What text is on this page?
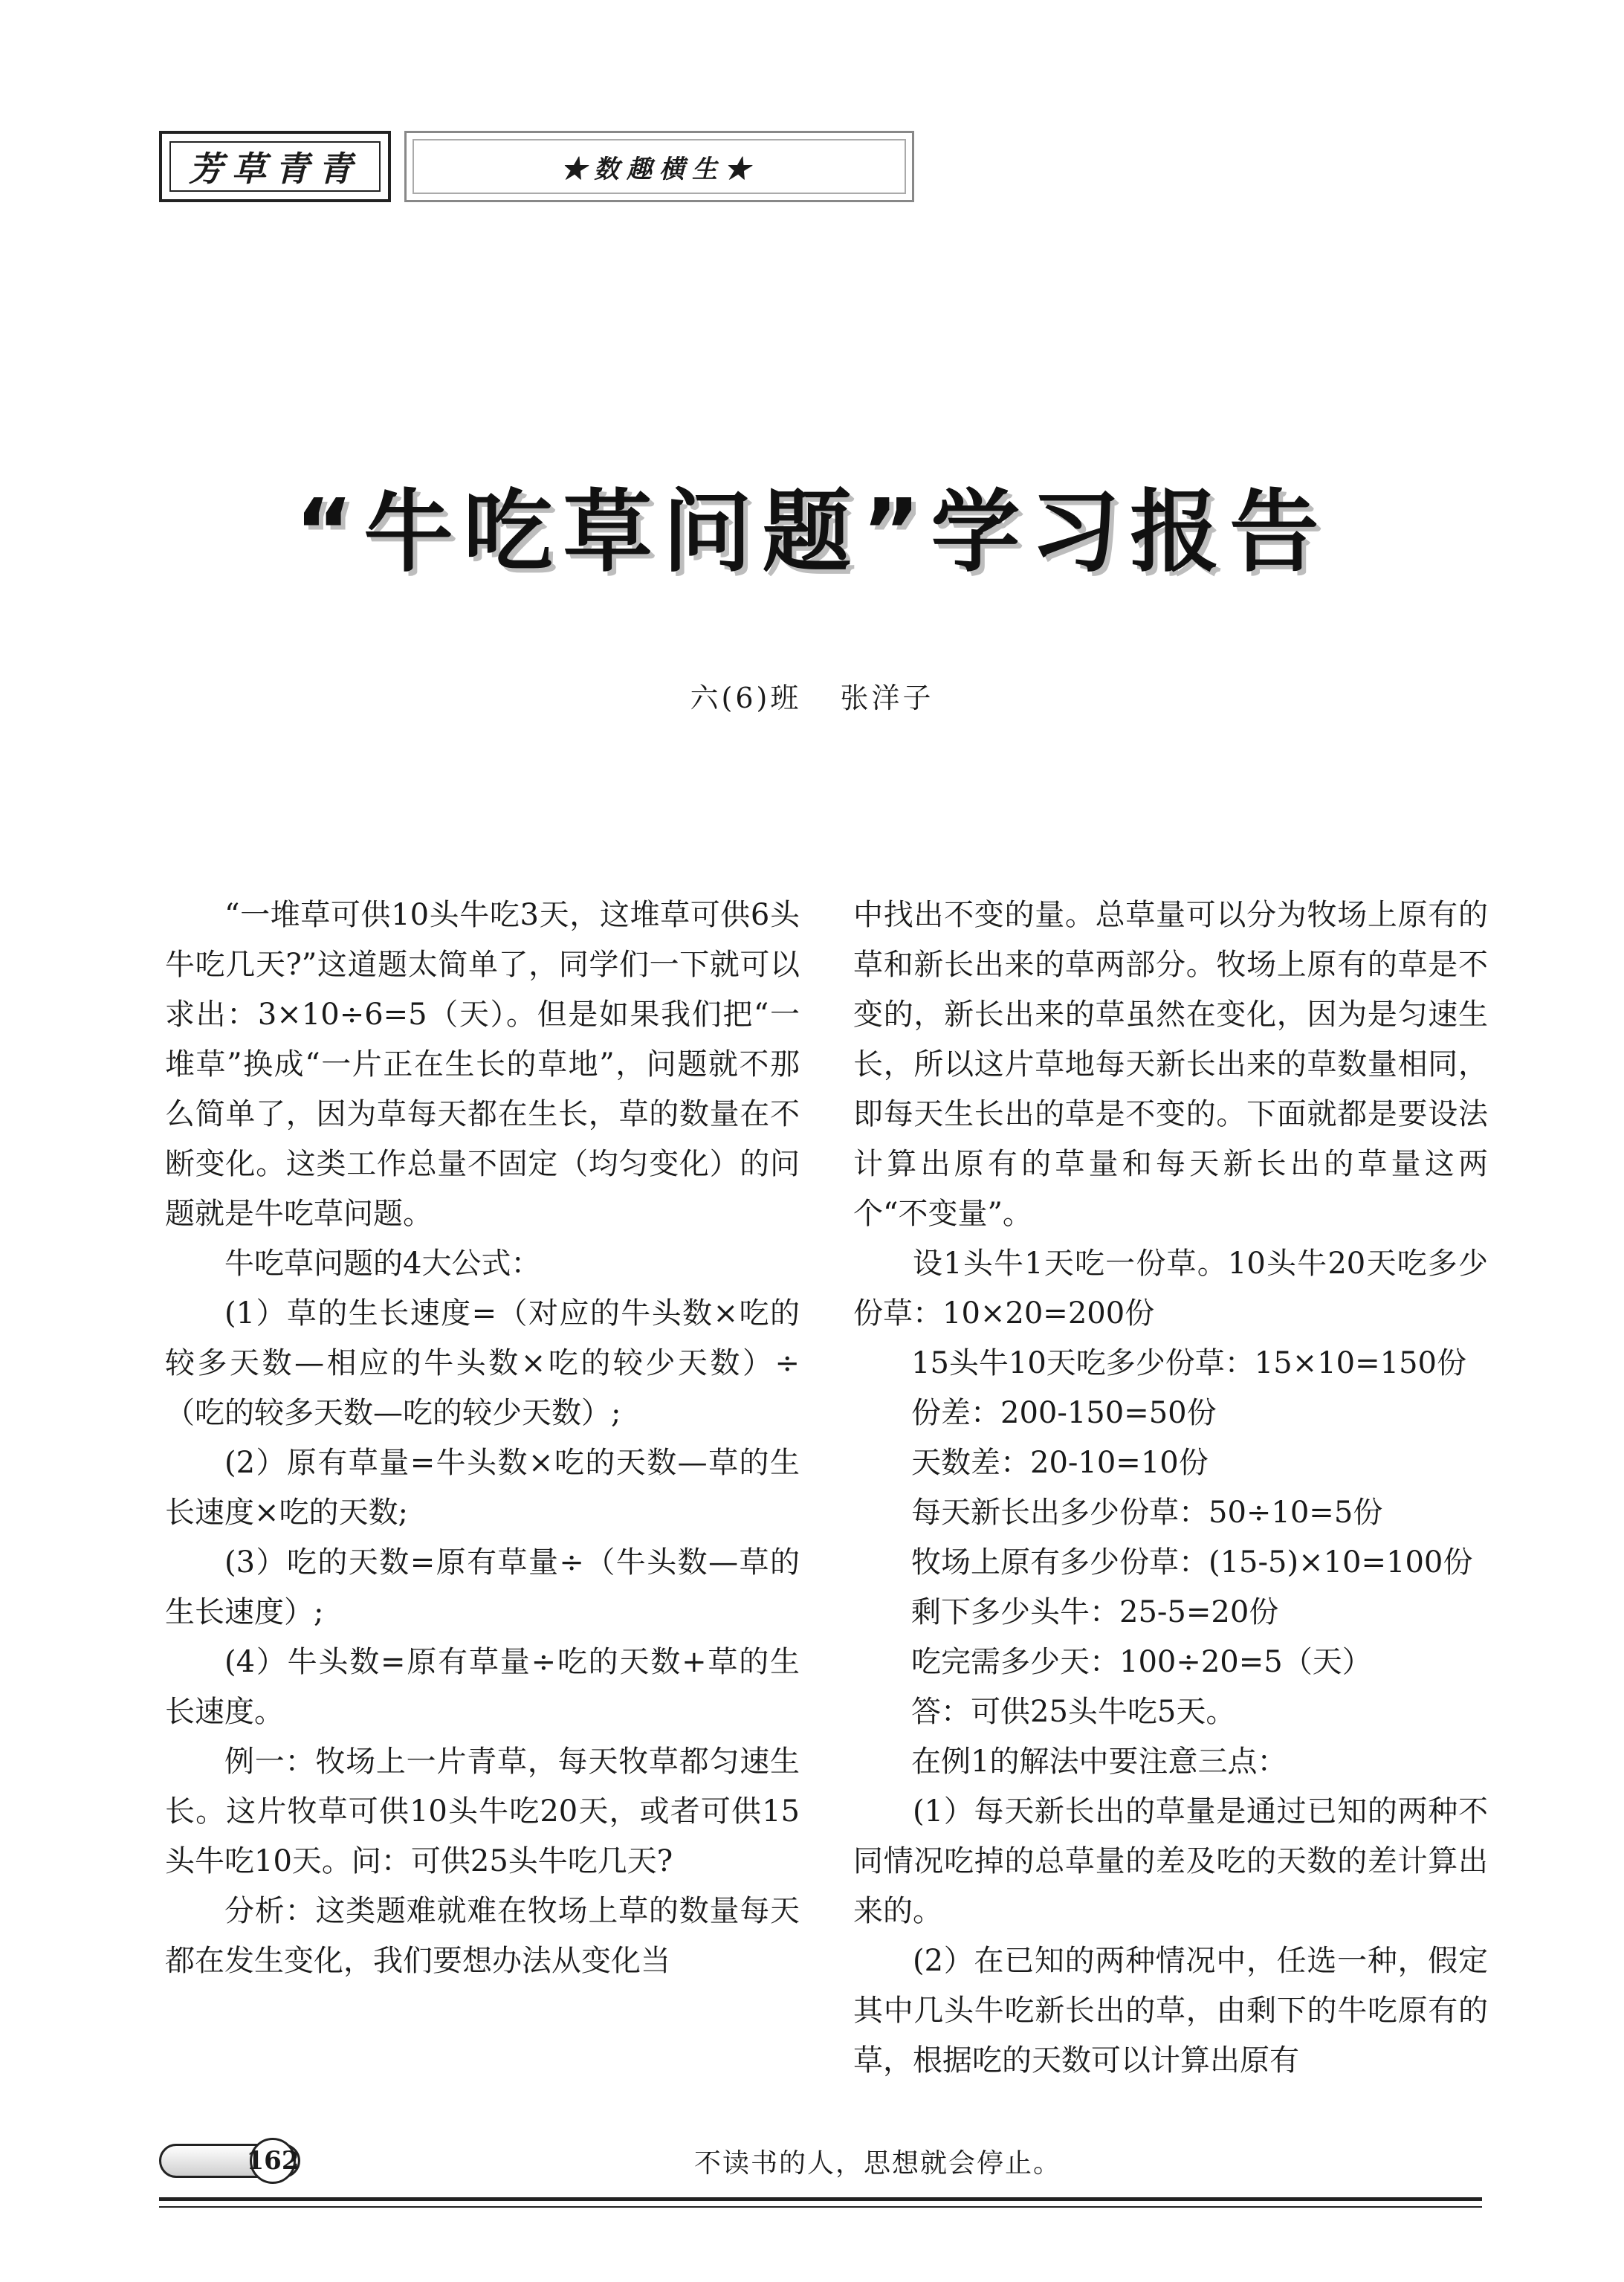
芳草青青	★数趣横生★
“牛吃草问题”学习报告
六(6)班 张洋子

“一堆草可供10头牛吃3天，这堆草可供6头牛吃几天?”这道题太简单了，同学们一下就可以求出：3×10÷6=5（天）。但是如果我们把“一堆草”换成“一片正在生长的草地”，问题就不那么简单了，因为草每天都在生长，草的数量在不断变化。这类工作总量不固定（均匀变化）的问题就是牛吃草问题。

牛吃草问题的4大公式：

(1）草的生长速度=（对应的牛头数×吃的较多天数—相应的牛头数×吃的较少天数）÷（吃的较多天数—吃的较少天数）;

(2）原有草量=牛头数×吃的天数—草的生长速度×吃的天数;

(3）吃的天数=原有草量÷（牛头数—草的生长速度）;

(4）牛头数=原有草量÷吃的天数+草的生长速度。

例一：牧场上一片青草，每天牧草都匀速生长。这片牧草可供10头牛吃20天，或者可供15头牛吃10天。问：可供25头牛吃几天?

分析：这类题难就难在牧场上草的数量每天都在发生变化，我们要想办法从变化当

中找出不变的量。总草量可以分为牧场上原有的草和新长出来的草两部分。牧场上原有的草是不变的，新长出来的草虽然在变化，因为是匀速生长，所以这片草地每天新长出来的草数量相同，即每天生长出的草是不变的。下面就都是要设法计算出原有的草量和每天新长出的草量这两个“不变量”。

设1头牛1天吃一份草。10头牛20天吃多少份草：10×20=200份

15头牛10天吃多少份草：15×10=150份

份差：200-150=50份

天数差：20-10=10份

每天新长出多少份草：50÷10=5份

牧场上原有多少份草：(15-5)×10=100份

剩下多少头牛：25-5=20份

吃完需多少天：100÷20=5（天）

答：可供25头牛吃5天。

在例1的解法中要注意三点：

(1）每天新长出的草量是通过已知的两种不同情况吃掉的总草量的差及吃的天数的差计算出来的。

(2）在已知的两种情况中，任选一种，假定其中几头牛吃新长出的草，由剩下的牛吃原有的草，根据吃的天数可以计算出原有

162	不读书的人，思想就会停止。
